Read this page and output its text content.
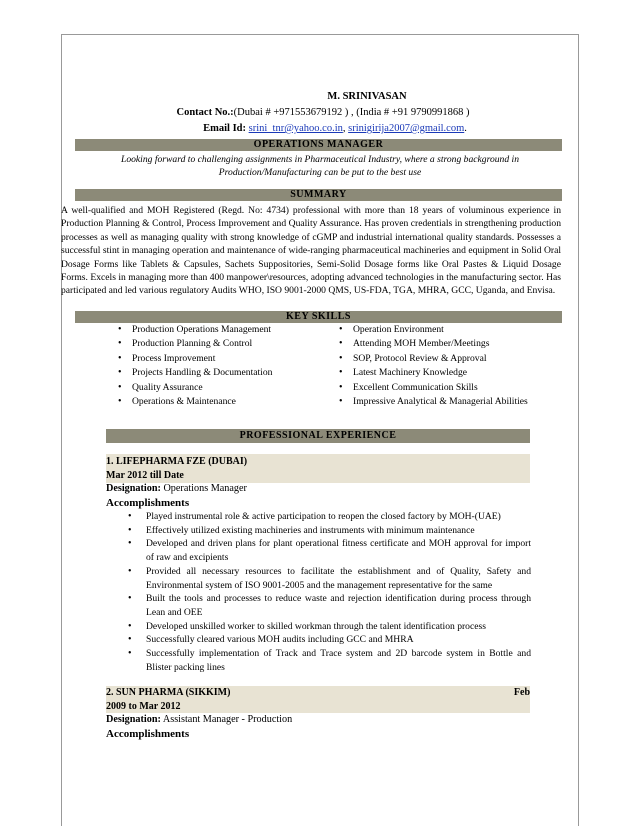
M. SRINIVASAN
Contact No.:(Dubai # +971553679192 ) , (India # +91 9790991868 )
Email Id: srini_tnr@yahoo.co.in, srinigirija2007@gmail.com.
OPERATIONS MANAGER
Looking forward to challenging assignments in Pharmaceutical Industry, where a strong background in Production/Manufacturing can be put to the best use
SUMMARY
A well-qualified and MOH Registered (Regd. No: 4734) professional with more than 18 years of voluminous experience in Production Planning & Control, Process Improvement and Quality Assurance. Has proven credentials in strengthening production processes as well as managing quality with strong knowledge of cGMP and industrial international quality standards. Possesses a successful stint in managing operation and maintenance of wide-ranging pharmaceutical machineries and equipment in Solid Oral Dosage Forms like Tablets & Capsules, Sachets Suppositories, Semi-Solid Dosage forms like Oral Pastes & Liquid Dosage Forms. Excels in managing more than 400 manpower\resources, adopting advanced technologies in the manufacturing sector. Has participated and led various regulatory Audits WHO, ISO 9001-2000 QMS, US-FDA, TGA, MHRA, GCC, Uganda, and Envisa.
KEY SKILLS
• Production Operations Management
• Production Planning & Control
• Process Improvement
• Projects Handling & Documentation
• Quality Assurance
• Operations & Maintenance
• Operation Environment
• Attending MOH Member/Meetings
• SOP, Protocol Review & Approval
• Latest Machinery Knowledge
• Excellent Communication Skills
• Impressive Analytical & Managerial Abilities
PROFESSIONAL EXPERIENCE
1. LIFEPHARMA FZE (DUBAI)
Mar 2012 till Date
Designation: Operations Manager
Accomplishments
• Played instrumental role & active participation to reopen the closed factory by MOH-(UAE)
• Effectively utilized existing machineries and instruments with minimum maintenance
• Developed and driven plans for plant operational fitness certificate and MOH approval for import of raw and excipients
• Provided all necessary resources to facilitate the establishment and of Quality, Safety and Environmental system of ISO 9001-2005 and the management representative for the same
• Built the tools and processes to reduce waste and rejection identification during process through Lean and OEE
• Developed unskilled worker to skilled workman through the talent identification process
• Successfully cleared various MOH audits including GCC and MHRA
• Successfully implementation of Track and Trace system and 2D barcode system in Bottle and Blister packing lines
2. SUN PHARMA (SIKKIM)	Feb
2009 to Mar 2012
Designation: Assistant Manager - Production
Accomplishments
